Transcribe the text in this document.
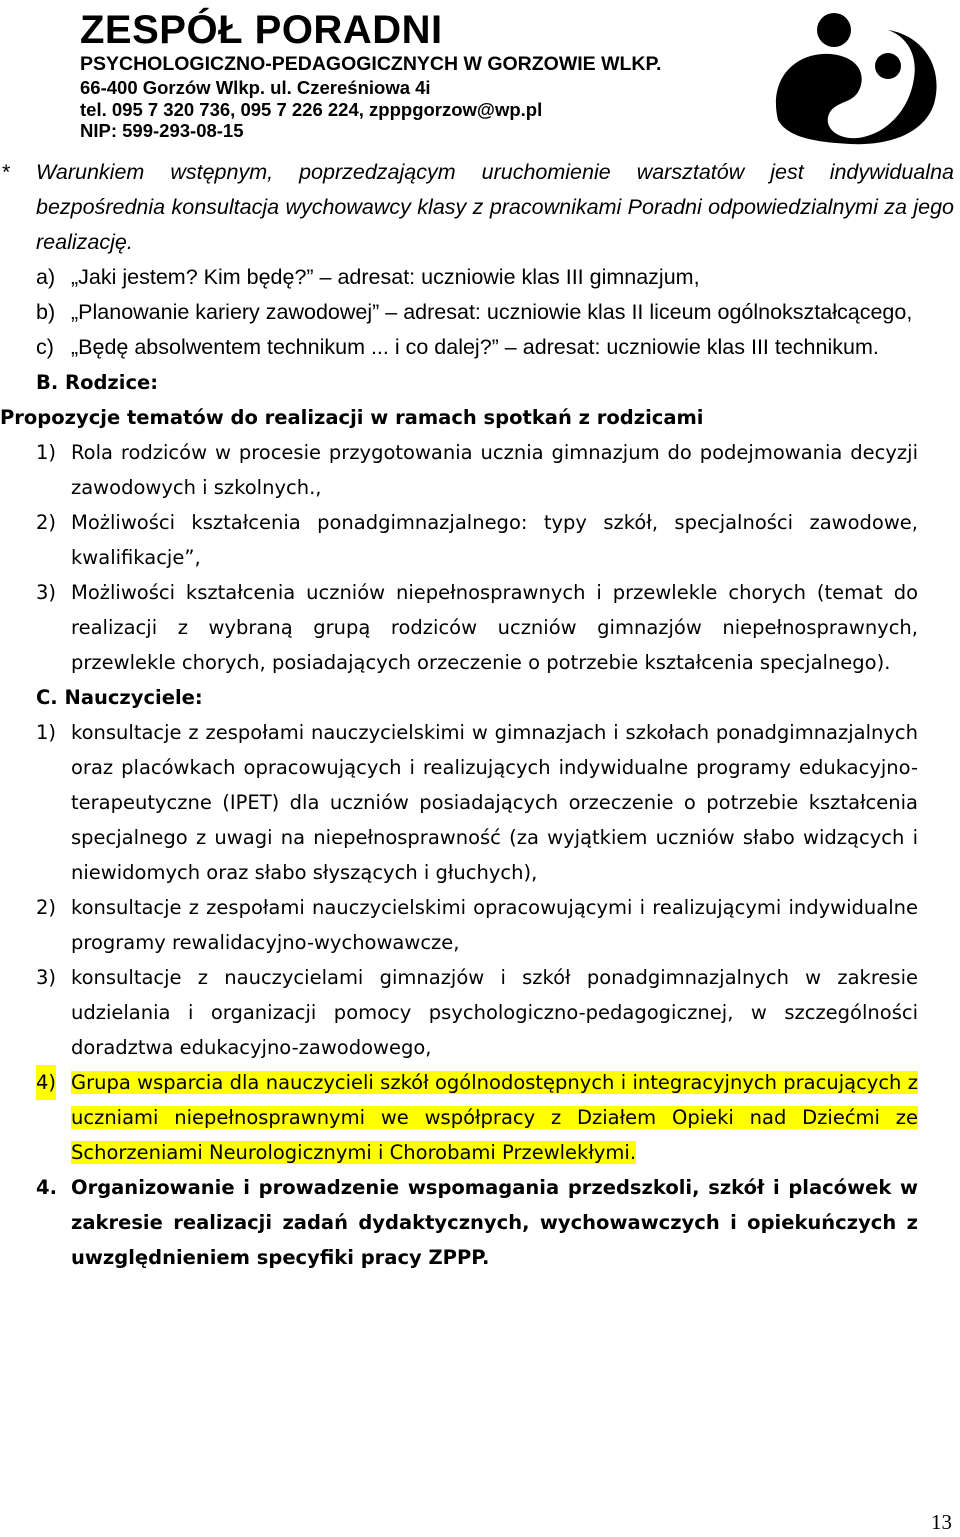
ZESPÓŁ PORADNI

PSYCHOLOGICZNO-PEDAGOGICZNYCH W GORZOWIE WLKP.

66-400 Gorzów Wlkp. ul. Czereśniowa 4i

tel. 095 7 320 736, 095 7 226 224, zpppgorzow@wp.pl

NIP: 599-293-08-15

* Warunkiem wstępnym, poprzedzającym uruchomienie warsztatów jest indywidualna bezpośrednia konsultacja wychowawcy klasy z pracownikami Poradni odpowiedzialnymi za jego realizację.

a) „Jaki jestem? Kim będę?” – adresat: uczniowie klas III gimnazjum,
b) „Planowanie kariery zawodowej” – adresat: uczniowie klas II liceum ogólnokształcącego,
c) „Będę absolwentem technikum ... i co dalej?” – adresat: uczniowie klas III technikum.

B. Rodzice:

Propozycje tematów do realizacji w ramach spotkań z rodzicami

1) Rola rodziców w procesie przygotowania ucznia gimnazjum do podejmowania decyzji zawodowych i szkolnych.,
2) Możliwości kształcenia ponadgimnazjalnego: typy szkół, specjalności zawodowe, kwalifikacje”,
3) Możliwości kształcenia uczniów niepełnosprawnych i przewlekle chorych (temat do realizacji z wybraną grupą rodziców uczniów gimnazjów niepełnosprawnych, przewlekle chorych, posiadających orzeczenie o potrzebie kształcenia specjalnego).

C. Nauczyciele:

1) konsultacje z zespołami nauczycielskimi w gimnazjach i szkołach ponadgimnazjalnych oraz placówkach opracowujących i realizujących indywidualne programy edukacyjno-terapeutyczne (IPET) dla uczniów posiadających orzeczenie o potrzebie kształcenia specjalnego z uwagi na niepełnosprawność (za wyjątkiem uczniów słabo widzących i niewidomych oraz słabo słyszących i głuchych),
2) konsultacje z zespołami nauczycielskimi opracowującymi i realizującymi indywidualne programy rewalidacyjno-wychowawcze,
3) konsultacje z nauczycielami gimnazjów i szkół ponadgimnazjalnych w zakresie udzielania i organizacji pomocy psychologiczno-pedagogicznej, w szczególności doradztwa edukacyjno-zawodowego,
4) Grupa wsparcia dla nauczycieli szkół ogólnodostępnych i integracyjnych pracujących z uczniami niepełnosprawnymi we współpracy z Działem Opieki nad Dziećmi ze Schorzeniami Neurologicznymi i Chorobami Przewlekłymi.

4. Organizowanie i prowadzenie wspomagania przedszkoli, szkół i placówek w zakresie realizacji zadań dydaktycznych, wychowawczych i opiekuńczych z uwzględnieniem specyfiki pracy ZPPP.

13
